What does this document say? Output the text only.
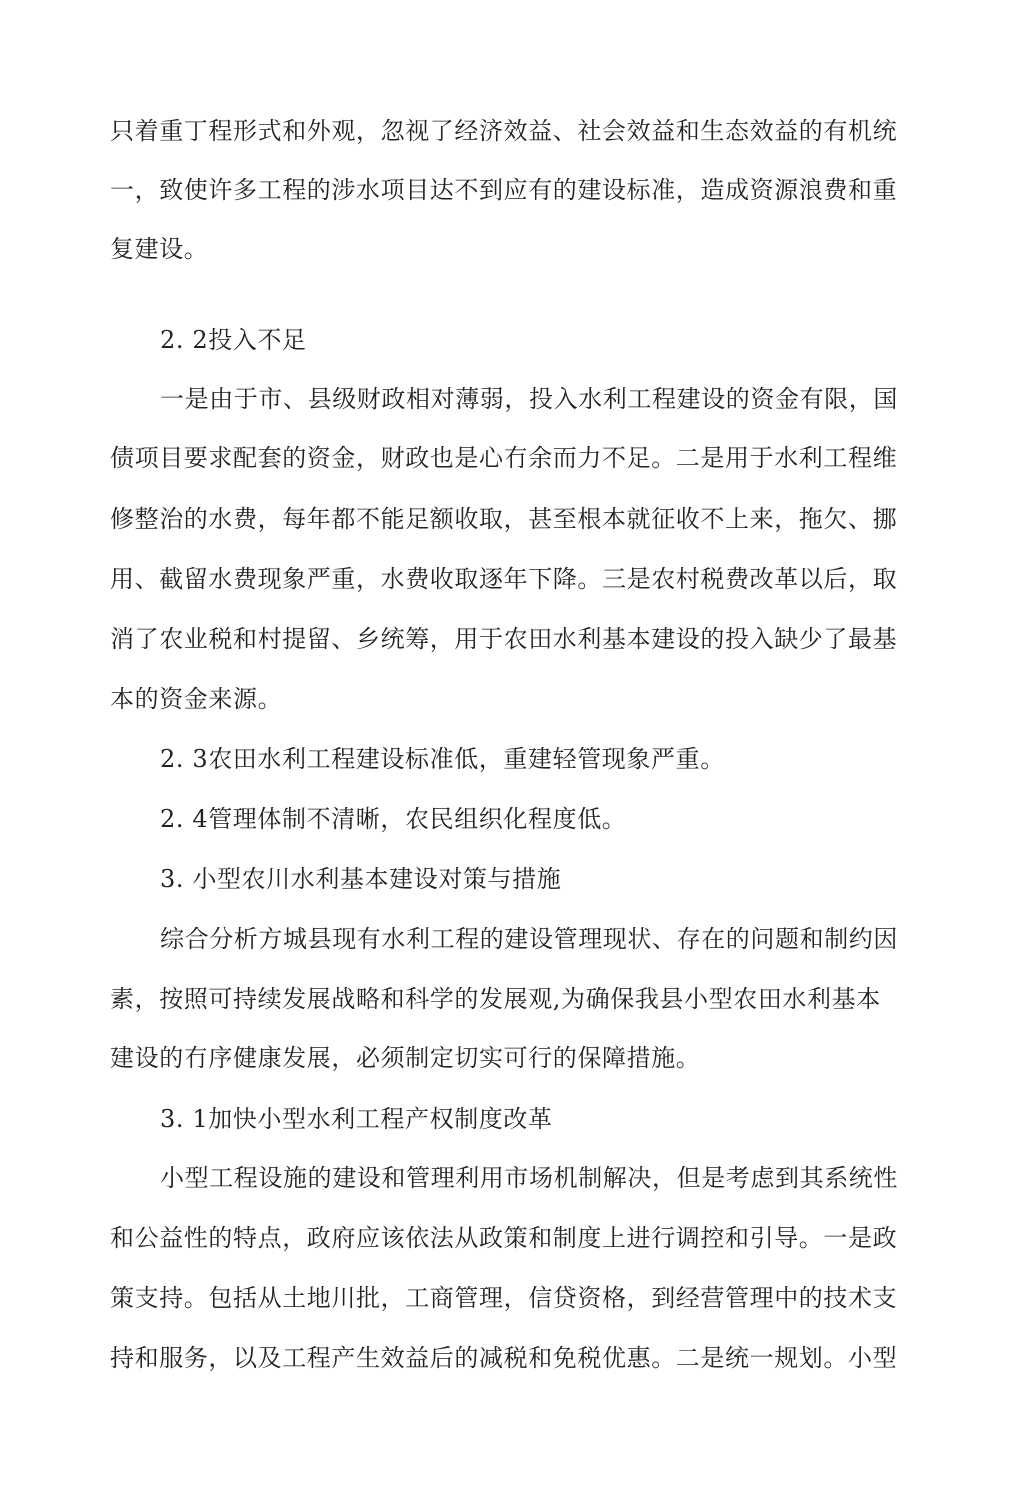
只着重丁程形式和外观，忽视了经济效益、社会效益和生态效益的有机统
一，致使许多工程的涉水项目达不到应有的建设标准，造成资源浪费和重
复建设。
2. 2投入不足
一是由于市、县级财政相对薄弱，投入水利工程建设的资金有限，国
债项目要求配套的资金，财政也是心冇余而力不足。二是用于水利工程维
修整治的水费，每年都不能足额收取，甚至根本就征收不上来，拖欠、挪
用、截留水费现象严重，水费收取逐年下降。三是农村税费改革以后，取
消了农业税和村提留、乡统筹，用于农田水利基本建设的投入缺少了最基
本的资金来源。
2. 3农田水利工程建设标准低，重建轻管现象严重。
2. 4管理体制不清晰，农民组织化程度低。
3. 小型农川水利基本建设对策与措施
综合分析方城县现有水利工程的建设管理现状、存在的问题和制约因
素，按照可持续发展战略和科学的发展观,为确保我县小型农田水利基本
建设的冇序健康发展，必须制定切实可行的保障措施。
3. 1加快小型水利工程产权制度改革
小型工程设施的建设和管理利用市场机制解决，但是考虑到其系统性
和公益性的特点，政府应该依法从政策和制度上进行调控和引导。一是政
策支持。包括从土地川批，工商管理，信贷资格，到经营管理中的技术支
持和服务，以及工程产生效益后的减税和免税优惠。二是统一规划。小型
